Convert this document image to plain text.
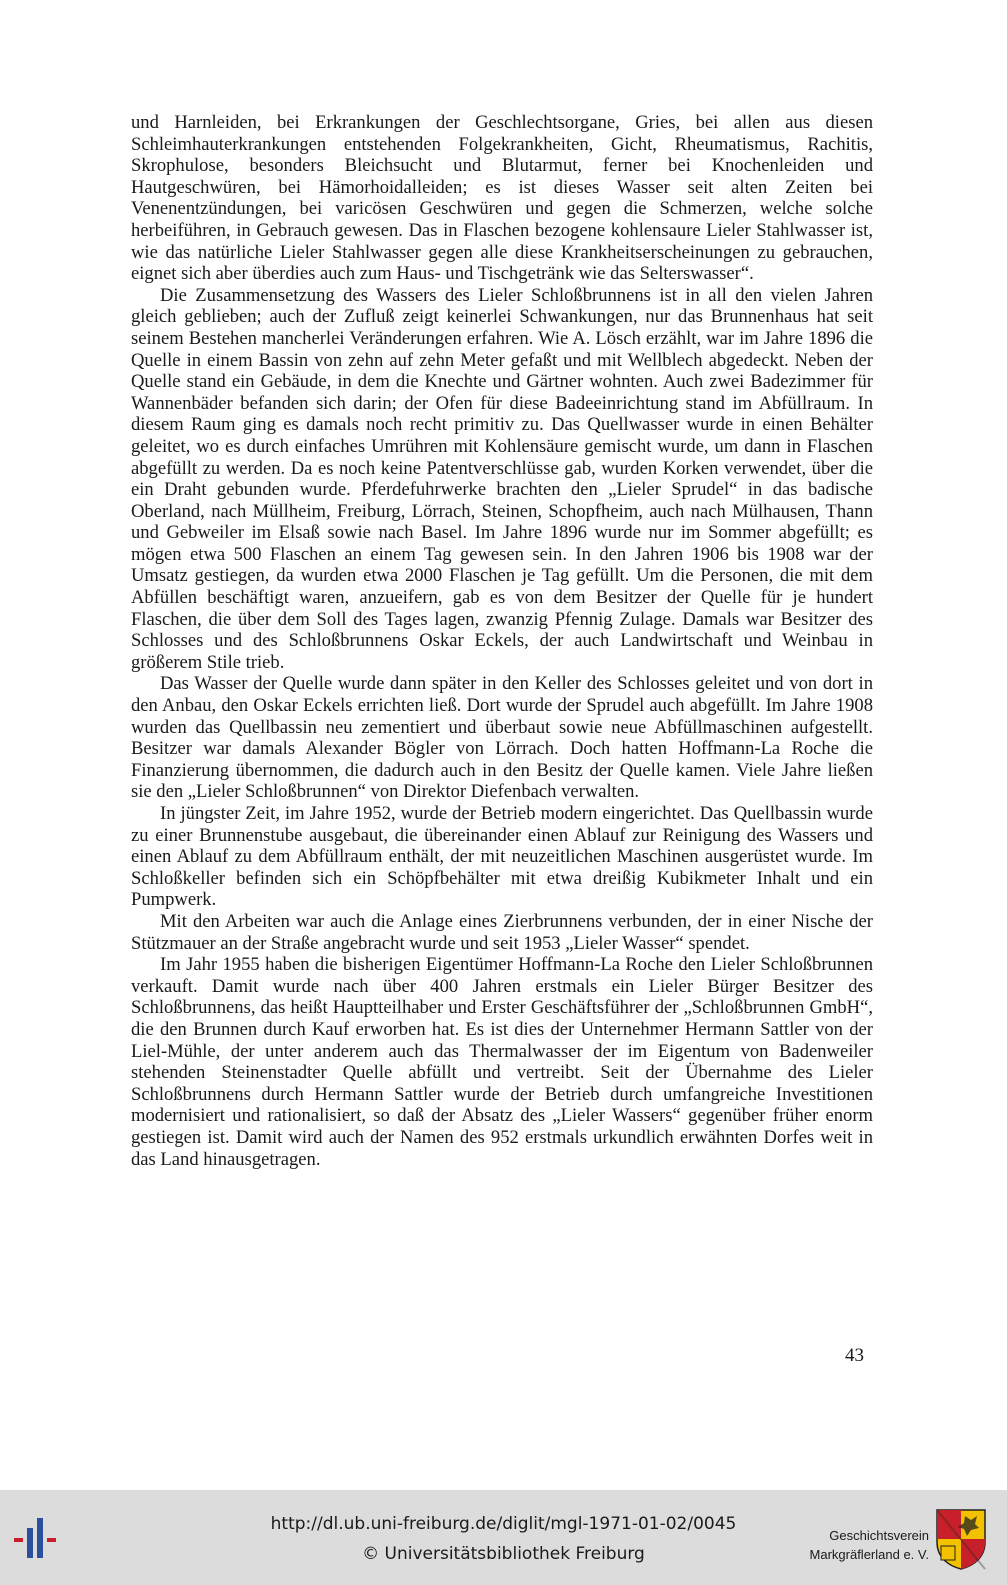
und Harnleiden, bei Erkrankungen der Geschlechtsorgane, Gries, bei allen aus diesen Schleimhauterkrankungen entstehenden Folgekrankheiten, Gicht, Rheumatismus, Rachitis, Skrophulose, besonders Bleichsucht und Blutarmut, ferner bei Knochenleiden und Hautgeschwüren, bei Hämorhoidalleiden; es ist dieses Wasser seit alten Zeiten bei Venenentzündungen, bei varicösen Geschwüren und gegen die Schmerzen, welche solche herbeiführen, in Gebrauch gewesen. Das in Flaschen bezogene kohlensaure Lieler Stahlwasser ist, wie das natürliche Lieler Stahlwasser gegen alle diese Krankheitserscheinungen zu gebrauchen, eignet sich aber überdies auch zum Haus- und Tischgetränk wie das Selterswasser“.

Die Zusammensetzung des Wassers des Lieler Schloßbrunnens ist in all den vielen Jahren gleich geblieben; auch der Zufluß zeigt keinerlei Schwankungen, nur das Brunnenhaus hat seit seinem Bestehen mancherlei Veränderungen erfahren. Wie A. Lösch erzählt, war im Jahre 1896 die Quelle in einem Bassin von zehn auf zehn Meter gefaßt und mit Wellblech abgedeckt. Neben der Quelle stand ein Gebäude, in dem die Knechte und Gärtner wohnten. Auch zwei Badezimmer für Wannenbäder befanden sich darin; der Ofen für diese Badeeinrichtung stand im Abfüllraum. In diesem Raum ging es damals noch recht primitiv zu. Das Quellwasser wurde in einen Behälter geleitet, wo es durch einfaches Umrühren mit Kohlensäure gemischt wurde, um dann in Flaschen abgefüllt zu werden. Da es noch keine Patentverschlüsse gab, wurden Korken verwendet, über die ein Draht gebunden wurde. Pferdefuhrwerke brachten den „Lieler Sprudel“ in das badische Oberland, nach Müllheim, Freiburg, Lörrach, Steinen, Schopfheim, auch nach Mülhausen, Thann und Gebweiler im Elsaß sowie nach Basel. Im Jahre 1896 wurde nur im Sommer abgefüllt; es mögen etwa 500 Flaschen an einem Tag gewesen sein. In den Jahren 1906 bis 1908 war der Umsatz gestiegen, da wurden etwa 2000 Flaschen je Tag gefüllt. Um die Personen, die mit dem Abfüllen beschäftigt waren, anzueifern, gab es von dem Besitzer der Quelle für je hundert Flaschen, die über dem Soll des Tages lagen, zwanzig Pfennig Zulage. Damals war Besitzer des Schlosses und des Schloßbrunnens Oskar Eckels, der auch Landwirtschaft und Weinbau in größerem Stile trieb.

Das Wasser der Quelle wurde dann später in den Keller des Schlosses geleitet und von dort in den Anbau, den Oskar Eckels errichten ließ. Dort wurde der Sprudel auch abgefüllt. Im Jahre 1908 wurden das Quellbassin neu zementiert und überbaut sowie neue Abfüllmaschinen aufgestellt. Besitzer war damals Alexander Bögler von Lörrach. Doch hatten Hoffmann-La Roche die Finanzierung übernommen, die dadurch auch in den Besitz der Quelle kamen. Viele Jahre ließen sie den „Lieler Schloßbrunnen“ von Direktor Diefenbach verwalten.

In jüngster Zeit, im Jahre 1952, wurde der Betrieb modern eingerichtet. Das Quellbassin wurde zu einer Brunnenstube ausgebaut, die übereinander einen Ablauf zur Reinigung des Wassers und einen Ablauf zu dem Abfüllraum enthält, der mit neuzeitlichen Maschinen ausgerüstet wurde. Im Schloßkeller befinden sich ein Schöpfbehälter mit etwa dreißig Kubikmeter Inhalt und ein Pumpwerk.

Mit den Arbeiten war auch die Anlage eines Zierbrunnens verbunden, der in einer Nische der Stützmauer an der Straße angebracht wurde und seit 1953 „Lieler Wasser“ spendet.

Im Jahr 1955 haben die bisherigen Eigentümer Hoffmann-La Roche den Lieler Schloßbrunnen verkauft. Damit wurde nach über 400 Jahren erstmals ein Lieler Bürger Besitzer des Schloßbrunnens, das heißt Hauptteilhaber und Erster Geschäftsführer der „Schloßbrunnen GmbH“, die den Brunnen durch Kauf erworben hat. Es ist dies der Unternehmer Hermann Sattler von der Liel-Mühle, der unter anderem auch das Thermalwasser der im Eigentum von Badenweiler stehenden Steinenstadter Quelle abfüllt und vertreibt. Seit der Übernahme des Lieler Schloßbrunnens durch Hermann Sattler wurde der Betrieb durch umfangreiche Investitionen modernisiert und rationalisiert, so daß der Absatz des „Lieler Wassers“ gegenüber früher enorm gestiegen ist. Damit wird auch der Namen des 952 erstmals urkundlich erwähnten Dorfes weit in das Land hinausgetragen.

43
http://dl.ub.uni-freiburg.de/diglit/mgl-1971-01-02/0045
© Universitätsbibliothek Freiburg
Geschichtsverein
Markgräflerland e. V.
